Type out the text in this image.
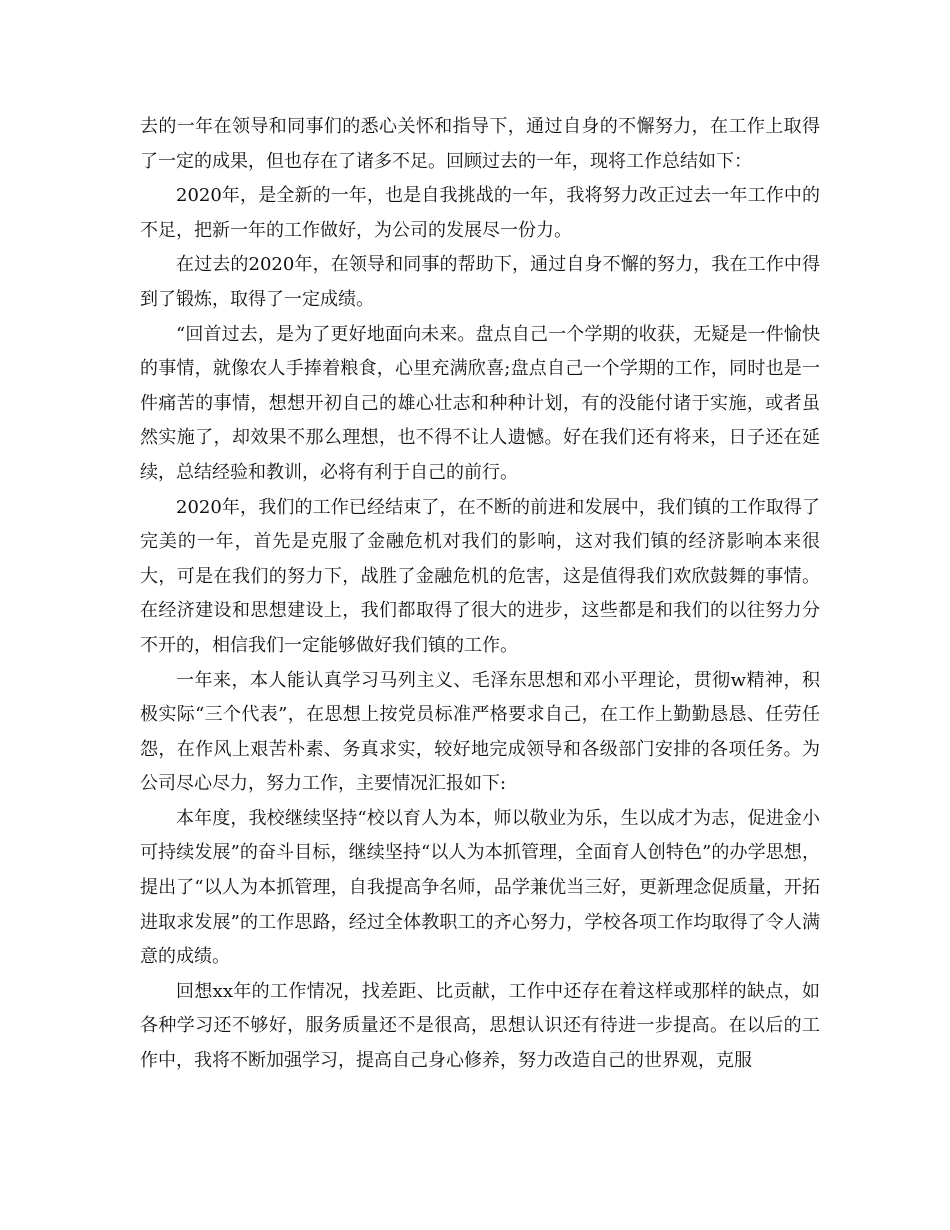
去的一年在领导和同事们的悉心关怀和指导下，通过自身的不懈努力，在工作上取得了一定的成果，但也存在了诸多不足。回顾过去的一年，现将工作总结如下：

2020年，是全新的一年，也是自我挑战的一年，我将努力改正过去一年工作中的不足，把新一年的工作做好，为公司的发展尽一份力。

在过去的2020年，在领导和同事的帮助下，通过自身不懈的努力，我在工作中得到了锻炼，取得了一定成绩。

“回首过去，是为了更好地面向未来。盘点自己一个学期的收获，无疑是一件愉快的事情，就像农人手捧着粮食，心里充满欣喜;盘点自己一个学期的工作，同时也是一件痛苦的事情，想想开初自己的雄心壮志和种种计划，有的没能付诸于实施，或者虽然实施了，却效果不那么理想，也不得不让人遗憾。好在我们还有将来，日子还在延续，总结经验和教训，必将有利于自己的前行。

2020年，我们的工作已经结束了，在不断的前进和发展中，我们镇的工作取得了完美的一年，首先是克服了金融危机对我们的影响，这对我们镇的经济影响本来很大，可是在我们的努力下，战胜了金融危机的危害，这是值得我们欢欣鼓舞的事情。在经济建设和思想建设上，我们都取得了很大的进步，这些都是和我们的以往努力分不开的，相信我们一定能够做好我们镇的工作。

一年来，本人能认真学习马列主义、毛泽东思想和邓小平理论，贯彻w精神，积极实际“三个代表”，在思想上按党员标准严格要求自己，在工作上勤勤恳恳、任劳任怨，在作风上艰苦朴素、务真求实，较好地完成领导和各级部门安排的各项任务。为公司尽心尽力，努力工作，主要情况汇报如下:

本年度，我校继续坚持“校以育人为本，师以敬业为乐，生以成才为志，促进金小可持续发展”的奋斗目标，继续坚持“以人为本抓管理，全面育人创特色”的办学思想，提出了“以人为本抓管理，自我提高争名师，品学兼优当三好，更新理念促质量，开拓进取求发展”的工作思路，经过全体教职工的齐心努力，学校各项工作均取得了令人满意的成绩。

回想xx年的工作情况，找差距、比贡献，工作中还存在着这样或那样的缺点，如各种学习还不够好，服务质量还不是很高，思想认识还有待进一步提高。在以后的工作中，我将不断加强学习，提高自己身心修养，努力改造自己的世界观，克服
